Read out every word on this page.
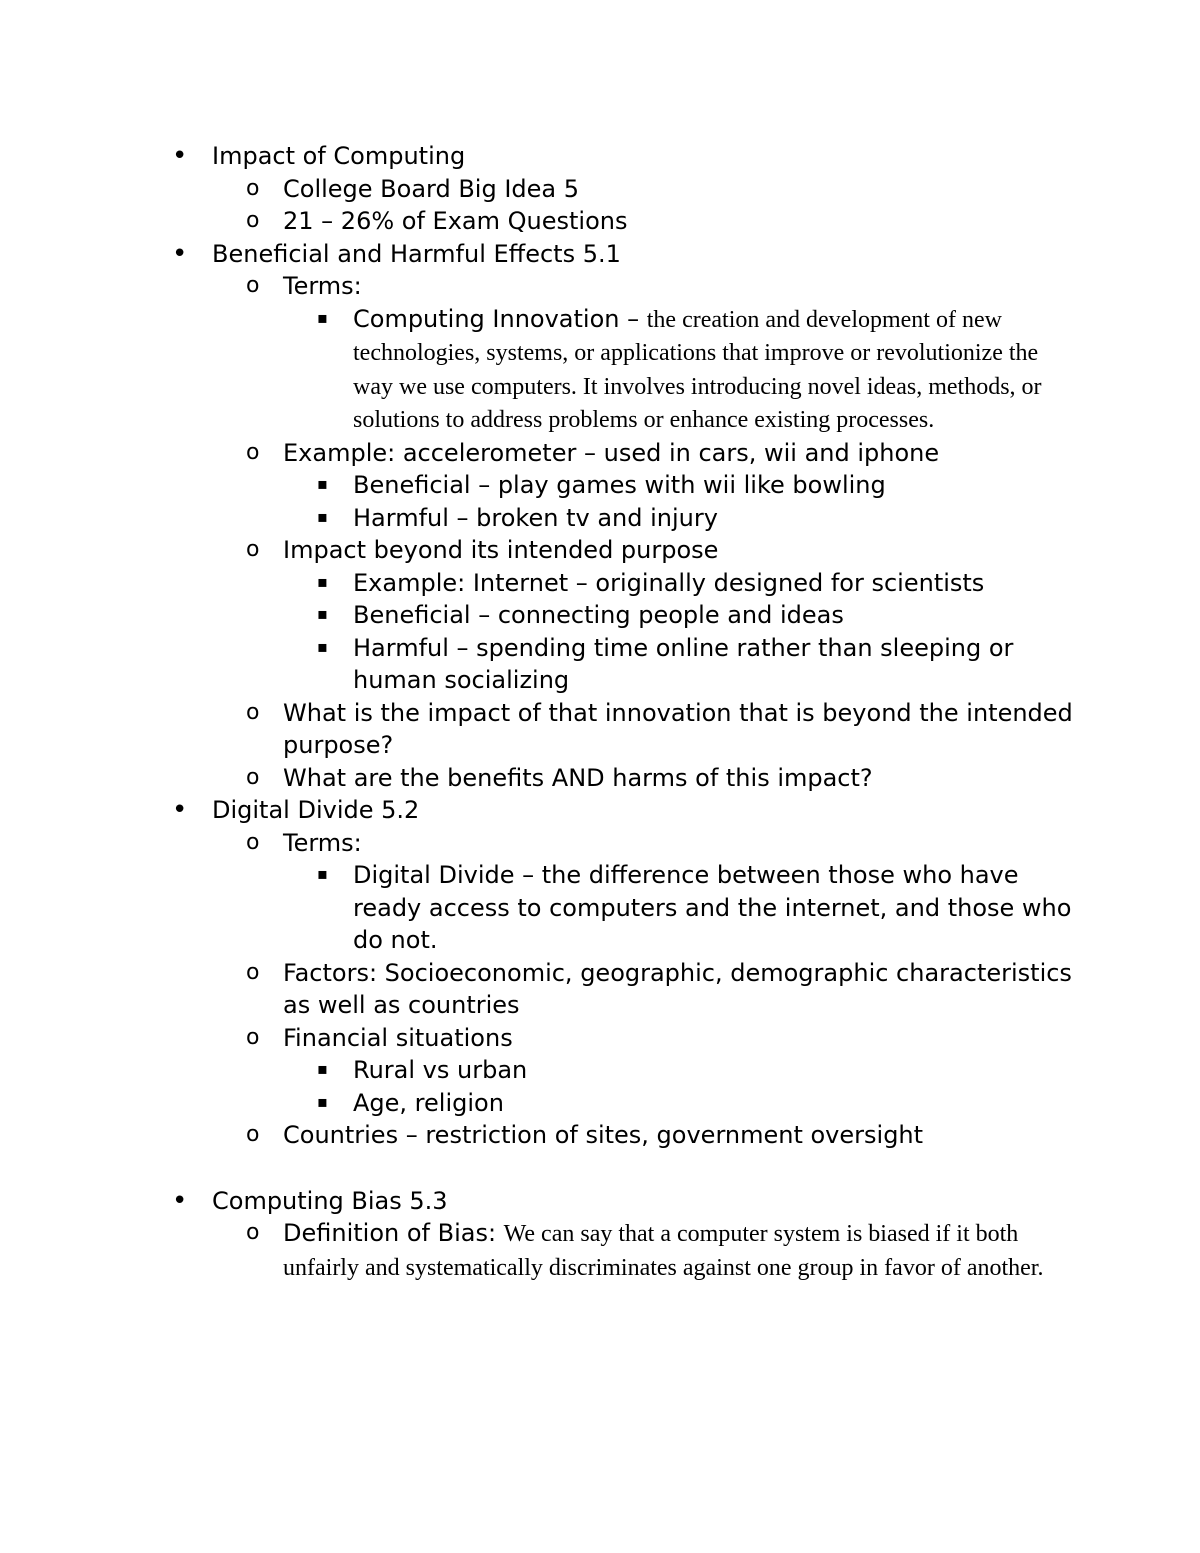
• Impact of Computing
o College Board Big Idea 5
o 21 – 26% of Exam Questions
• Beneficial and Harmful Effects 5.1
o Terms:
▪ Computing Innovation – the creation and development of new technologies, systems, or applications that improve or revolutionize the way we use computers. It involves introducing novel ideas, methods, or solutions to address problems or enhance existing processes.
o Example: accelerometer – used in cars, wii and iphone
▪ Beneficial – play games with wii like bowling
▪ Harmful – broken tv and injury
o Impact beyond its intended purpose
▪ Example: Internet – originally designed for scientists
▪ Beneficial – connecting people and ideas
▪ Harmful – spending time online rather than sleeping or human socializing
o What is the impact of that innovation that is beyond the intended purpose?
o What are the benefits AND harms of this impact?
• Digital Divide 5.2
o Terms:
▪ Digital Divide – the difference between those who have ready access to computers and the internet, and those who do not.
o Factors: Socioeconomic, geographic, demographic characteristics as well as countries
o Financial situations
▪ Rural vs urban
▪ Age, religion
o Countries – restriction of sites, government oversight
• Computing Bias 5.3
o Definition of Bias: We can say that a computer system is biased if it both unfairly and systematically discriminates against one group in favor of another.
